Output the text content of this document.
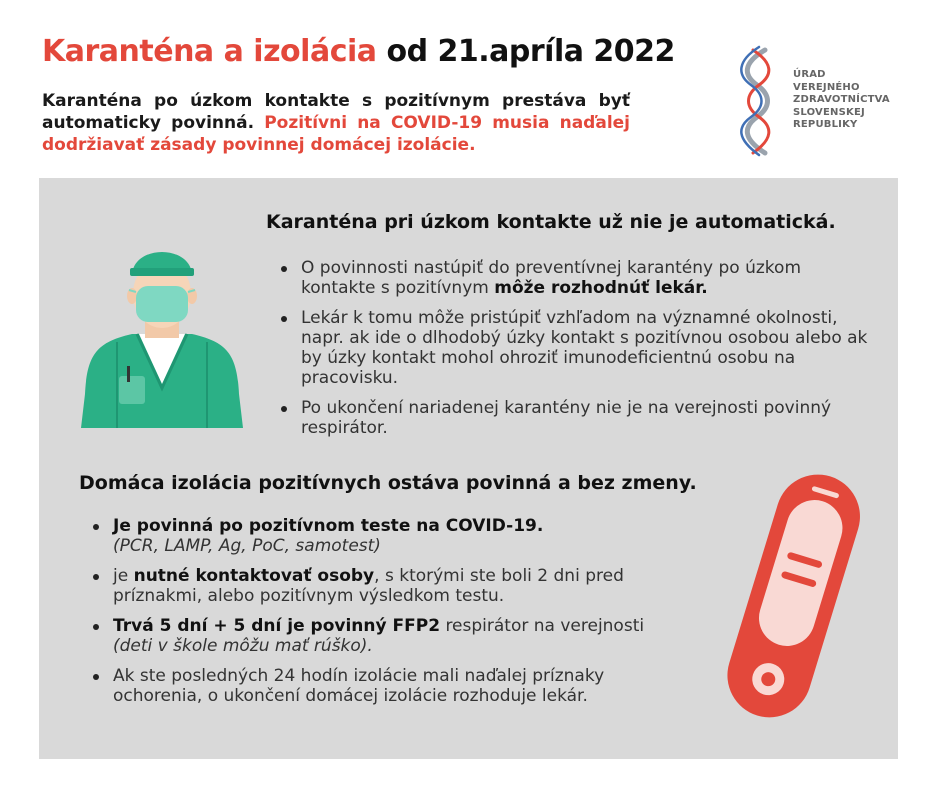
Karanténa a izolácia od 21.apríla 2022

Karanténa po úzkom kontakte s pozitívnym prestáva byť automaticky povinná. Pozitívni na COVID-19 musia naďalej dodržiavať zásady povinnej domácej izolácie.

ÚRAD
VEREJNÉHO
ZDRAVOTNÍCTVA
SLOVENSKEJ
REPUBLIKY
Karanténa pri úzkom kontakte už nie je automatická.
O povinnosti nastúpiť do preventívnej karantény po úzkom kontakte s pozitívnym môže rozhodnúť lekár.
Lekár k tomu môže pristúpiť vzhľadom na významné okolnosti, napr. ak ide o dlhodobý úzky kontakt s pozitívnou osobou alebo ak by úzky kontakt mohol ohroziť imunodeficientnú osobu na pracovisku.
Po ukončení nariadenej karantény nie je na verejnosti povinný respirátor.
Domáca izolácia pozitívnych ostáva povinná a bez zmeny.
Je povinná po pozitívnom teste na COVID-19.
(PCR, LAMP, Ag, PoC, samotest)
je nutné kontaktovať osoby, s ktorými ste boli 2 dni pred príznakmi, alebo pozitívnym výsledkom testu.
Trvá 5 dní + 5 dní je povinný FFP2 respirátor na verejnosti
(deti v škole môžu mať rúško).
Ak ste posledných 24 hodín izolácie mali naďalej príznaky ochorenia, o ukončení domácej izolácie rozhoduje lekár.
